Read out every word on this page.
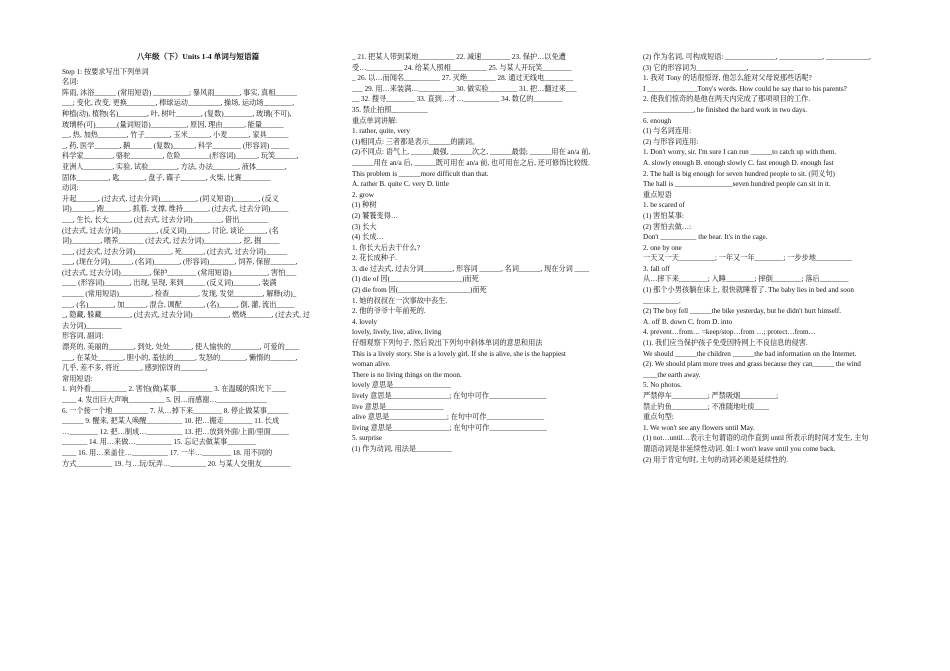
八年级（下）Units 1-4 单词与短语篇
Step 1: 按要求写出下列单词
名词:
阵雨, 沐浴______ (常用短语) __________; 暴风雨_______, 事实, 真相______
___; 变化, 改变, 更换________, 棒球运动_________, 操场, 运动场________,
种植(动), 植物(名)________, 叶, 树叶_______, (复数)________, 玻璃(不可),
玻璃杯(可)______(量词短语)__________, 原因, 理由______, 能量______
__, 热, 加热________, 竹子_______, 玉米______, 小麦______, 家具______
_, 药, 医学_______, 鹅______ (复数)______, 科学________ (形容词) _____
科学家________, 骆驼_________, 危险________(形容词)______, 玩笑______,
亚洲人________, 实验, 试验________, 方法, 办法_______, 液体________,
固体_________, 匙_______, 盘子, 碟子_______, 火柴, 比赛________
动词:
升起______, (过去式, 过去分词)__________, (同义短语)_______, (反义
词)______, 跑_______, 抓着, 支撑, 维持_______, (过去式, 过去分词)_____
___, 生长, 长大______, (过去式, 过去分词)________, 借出________
(过去式, 过去分词)__________, (反义词)______, 讨论, 谈论______, (名
词)________, 喂养_______ (过去式, 过去分词)__________, 挖, 掘_____
___, (过去式, 过去分词)__________, 死______, (过去式, 过去分词)______
___, (现在分词)______, (名词)_______, (形容词)_______, 饲养, 保留_______,
(过去式, 过去分词)________, 保护________ (常用短语)__________, 害怕___
____ (形容词)_______, 出现, 呈现, 来到______ (反义词)_______, 装满
______ (常用短语)_________, 检查________, 发现, 发觉________, 解释(动)_
___, (名)_______, 加______, 混合, 调配______, (名)_____, 倒, 灌, 流出_____
_, 隐藏, 躲藏________, (过去式, 过去分词)__________, 燃烧_______, (过去式, 过
去分词)__________
形容词, 副词:
漂亮的, 美丽的_______, 到处, 处处______, 使人愉快的________, 可爱的____
___, 在某处_______, 胆小的, 羞怯的______, 发怒的_______, 懒惰的_______,
几乎, 差不多, 将近______, 感到惊讶的_______,
常用短语:
1. 向外看__________ 2. 害怕(做)某事__________ 3. 在温暖的阳光下____
____ 4. 发出巨大声响__________ 5. 因…而感谢…______________
6. 一个接一个地__________ 7. 从…掉下来________ 8. 停止做某事______
______ 9. 醒来, 把某人唤醒__________ 10. 把…搬走________ 11. 长成
…________ 12. 把…制成…__________ 13. 把…放到外面/上面/里面_____
_______ 14. 用…来做…__________ 15. 忘记去做某事________
____ 16. 用…来盖住…__________ 17. 一半…________ 18. 用不同的
方式__________ 19. 与…玩/玩弄…__________ 20. 与某人交朋友________
_ 21. 把某人带到某地__________ 22. 减速________ 23. 保护…以免遭
受…__________ 24. 给某人照相__________ 25. 与某人开玩笑________
_ 26. 以…而闻名__________ 27. 灭绝________ 28. 通过无线电________
___ 29. 用…来装满…__________ 30. 做实验________ 31. 把…翻过来___
__ 32. 搜寻________ 33. 直到…才…__________ 34. 数亿的________
35. 禁止拍照__________
重点单词讲解:
1. rather, quite, very
(1)相同点: 三者都是表示______的副词。
(2)不同点: 语气上, ______最强, ______次之, ______最弱; ______用在 an/a 前,
______用在 an/a 后, ______既可用在 an/a 前, 也可用在之后, 还可修饰比较级.
This problem is ______more difficult than that.
A. rather B. quite C. very D. little
2. grow
(1) 种树
(2) 饕餮变得…
(3) 长大
(4) 长成…
1. 你长大后去干什么?
2. 花长成种子.
3. die 过去式, 过去分词________, 形容词 ______, 名词______, 现在分词 ____
(1) die of 因(____________________)而死
(2) die from 因(____________________)而死
1. 她的叔叔在一次事故中丧生.
2. 他的爷爷十年前死的.
4. lovely
lovely, lively, live, alive, living
仔细观察下列句子, 然后说出下列句中斜体单词的意思和用法
This is a lively story. She is a lovely girl. If she is alive, she is the happiest
woman alive.
There is no living things on the moon.
lovely 意思是________________
lively 意思是________________; 在句中可作________________
live 意思是________________
alive 意思是________________; 在句中可作________________
living 意思是________________; 在句中可作________________
5. surprise
(1) 作为动词, 用法是__________
(2) 作为名词, 可构成短语: ______________, ____________, ____________,
(3) 它的形容词为______________, ____________
1. 我对 Tony 的话很惊讶, 他怎么能对父母说那些话呢?
I ______________Tony's words. How could he say that to his parents?
2. 使我们惊奇的是他在两天内完成了那项项目的工作.
______________, he finished the hard work in two days.
6. enough
(1) 与名词连用:
(2) 与形容词连用:
1. Don't worry, sir. I'm sure I can run ______to catch up with them.
A. slowly enough B. enough slowly C. fast enough D. enough fast
2. The hall is big enough for seven hundred people to sit. (同义句)
The hall is ________________seven hundred people can sit in it.
重点短语
1. be scared of
(1) 害怕某事:
(2) 害怕去做…:
Don't __________ the bear. It's in the cage.
2. one by one
一天又一天__________; 一年又一年________; 一步步地__________
3. fall off
从…摔下来________; 入睡________; 摔倒________; 落后________
(1) 那个小男孩躺在床上, 很快就睡着了. The baby lies in bed and soon
__________.
(2) The boy fell ______the bike yesterday, but he didn't hurt himself.
A. off B. down C. from D. into
4. prevent…from… =keep/stop…from …; protect…from…
(1). 我们应当保护孩子免受因特网上不良信息的侵害.
We should ______the children ______the bad information on the Internet.
(2). We should plant more trees and grass because they can______ the wind
____the earth away.
5. No photos.
严禁停车__________; 严禁吸烟__________;
禁止钓鱼__________; 不准随地吐痰____
重点句型:
1. We won't see any flowers until May.
(1) not…until…表示主句谓语的动作直到 until 所表示的时间才发生, 主句
谓语动词是非延续性动词. 如: I won't leave until you come back.
(2) 用于肯定句时, 主句的动词必须是延续性的.
